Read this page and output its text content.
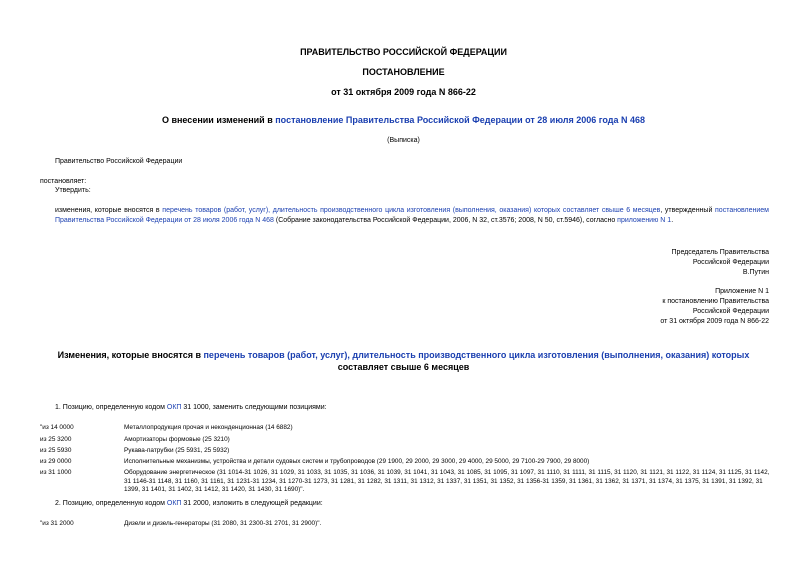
ПРАВИТЕЛЬСТВО РОССИЙСКОЙ ФЕДЕРАЦИИ
ПОСТАНОВЛЕНИЕ
от 31 октября 2009 года N 866-22
О внесении изменений в постановление Правительства Российской Федерации от 28 июля 2006 года N 468
(Выписка)
Правительство Российской Федерации
постановляет:
Утвердить:
изменения, которые вносятся в перечень товаров (работ, услуг), длительность производственного цикла изготовления (выполнения, оказания) которых составляет свыше 6 месяцев, утвержденный постановлением Правительства Российской Федерации от 28 июля 2006 года N 468 (Собрание законодательства Российской Федерации, 2006, N 32, ст.3576; 2008, N 50, ст.5946), согласно приложению N 1.
Председатель Правительства
Российской Федерации
В.Путин
Приложение N 1
к постановлению Правительства
Российской Федерации
от 31 октября 2009 года N 866-22
Изменения, которые вносятся в перечень товаров (работ, услуг), длительность производственного цикла изготовления (выполнения, оказания) которых
составляет свыше 6 месяцев
1. Позицию, определенную кодом ОКП 31 1000, заменить следующими позициями:
"из 14 0000	Металлопродукция прочая и неконденционная (14 6882)
из 25 3200	Амортизаторы формовые (25 3210)
из 25 5930	Рукава-патрубки (25 5931, 25 5932)
из 29 0000	Исполнительные механизмы, устройства и детали судовых систем и трубопроводов (29 1900, 29 2000, 29 3000, 29 4000, 29 5000, 29 7100-29 7900, 29 8000)
из 31 1000	Оборудование энергетическое (31 1014-31 1026, 31 1029, 31 1033, 31 1035, 31 1036, 31 1039, 31 1041, 31 1043, 31 1085, 31 1095, 31 1097, 31 1110, 31 1111, 31 1115, 31 1120, 31 1121, 31 1122, 31 1124, 31 1125, 31 1142, 31 1146-31 1148, 31 1160, 31 1161, 31 1231-31 1234, 31 1270-31 1273, 31 1281, 31 1282, 31 1311, 31 1312, 31 1337, 31 1351, 31 1352, 31 1356-31 1359, 31 1361, 31 1362, 31 1371, 31 1374, 31 1375, 31 1391, 31 1392, 31 1399, 31 1401, 31 1402, 31 1412, 31 1420, 31 1430, 31 1690)".
2. Позицию, определенную кодом ОКП 31 2000, изложить в следующей редакции:
"из 31 2000	Дизели и дизель-генераторы (31 2080, 31 2300-31 2701, 31 2900)".
